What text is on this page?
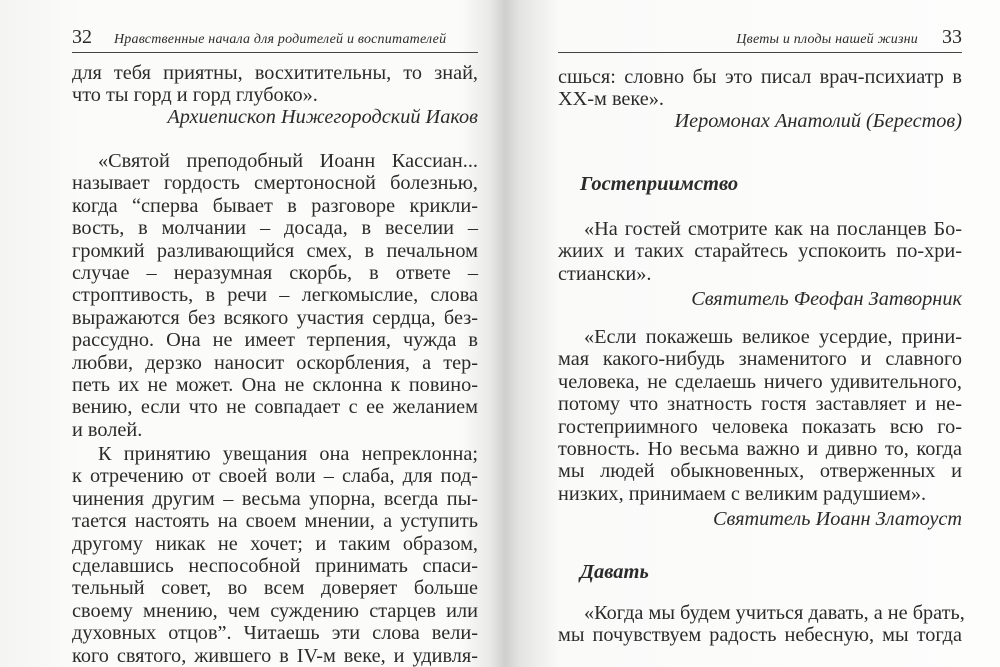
32 Нравственные начала для родителей и воспитателей
для тебя приятны, восхитительны, то знай,
что ты горд и горд глубоко».
Архиепископ Нижегородский Иаков
«Святой преподобный Иоанн Кассиан...
называет гордость смертоносной болезнью,
когда “сперва бывает в разговоре крикли-
вость, в молчании – досада, в веселии –
громкий разливающийся смех, в печальном
случае – неразумная скорбь, в ответе –
строптивость, в речи – легкомыслие, слова
выражаются без всякого участия сердца, без-
рассудно. Она не имеет терпения, чужда в
любви, дерзко наносит оскорбления, а тер-
петь их не может. Она не склонна к повино-
вению, если что не совпадает с ее желанием
и волей.
К принятию увещания она непреклонна;
к отречению от своей воли – слаба, для под-
чинения другим – весьма упорна, всегда пы-
тается настоять на своем мнении, а уступить
другому никак не хочет; и таким образом,
сделавшись неспособной принимать спаси-
тельный совет, во всем доверяет больше
своему мнению, чем суждению старцев или
духовных отцов”. Читаешь эти слова вели-
кого святого, жившего в IV-м веке, и удивля-
Цветы и плоды нашей жизни 33
сшься: словно бы это писал врач-психиатр в
XX-м веке».
Иеромонах Анатолий (Берестов)
Гостеприимство
«На гостей смотрите как на посланцев Бо-
жиих и таких старайтесь успокоить по-хри-
стиански».
Святитель Феофан Затворник
«Если покажешь великое усердие, прини-
мая какого-нибудь знаменитого и славного
человека, не сделаешь ничего удивительного,
потому что знатность гостя заставляет и не-
гостеприимного человека показать всю го-
товность. Но весьма важно и дивно то, когда
мы людей обыкновенных, отверженных и
низких, принимаем с великим радушием».
Святитель Иоанн Златоуст
Давать
«Когда мы будем учиться давать, а не брать,
мы почувствуем радость небесную, мы тогда
